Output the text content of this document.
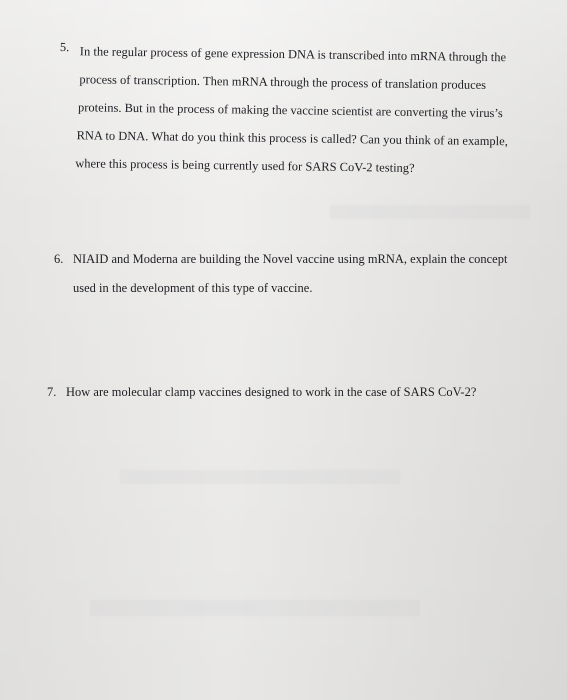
5. In the regular process of gene expression DNA is transcribed into mRNA through the
process of transcription. Then mRNA through the process of translation produces
proteins. But in the process of making the vaccine scientist are converting the virus’s
RNA to DNA. What do you think this process is called? Can you think of an example,
where this process is being currently used for SARS CoV-2 testing?
6. NIAID and Moderna are building the Novel vaccine using mRNA, explain the concept
used in the development of this type of vaccine.
7. How are molecular clamp vaccines designed to work in the case of SARS CoV-2?
